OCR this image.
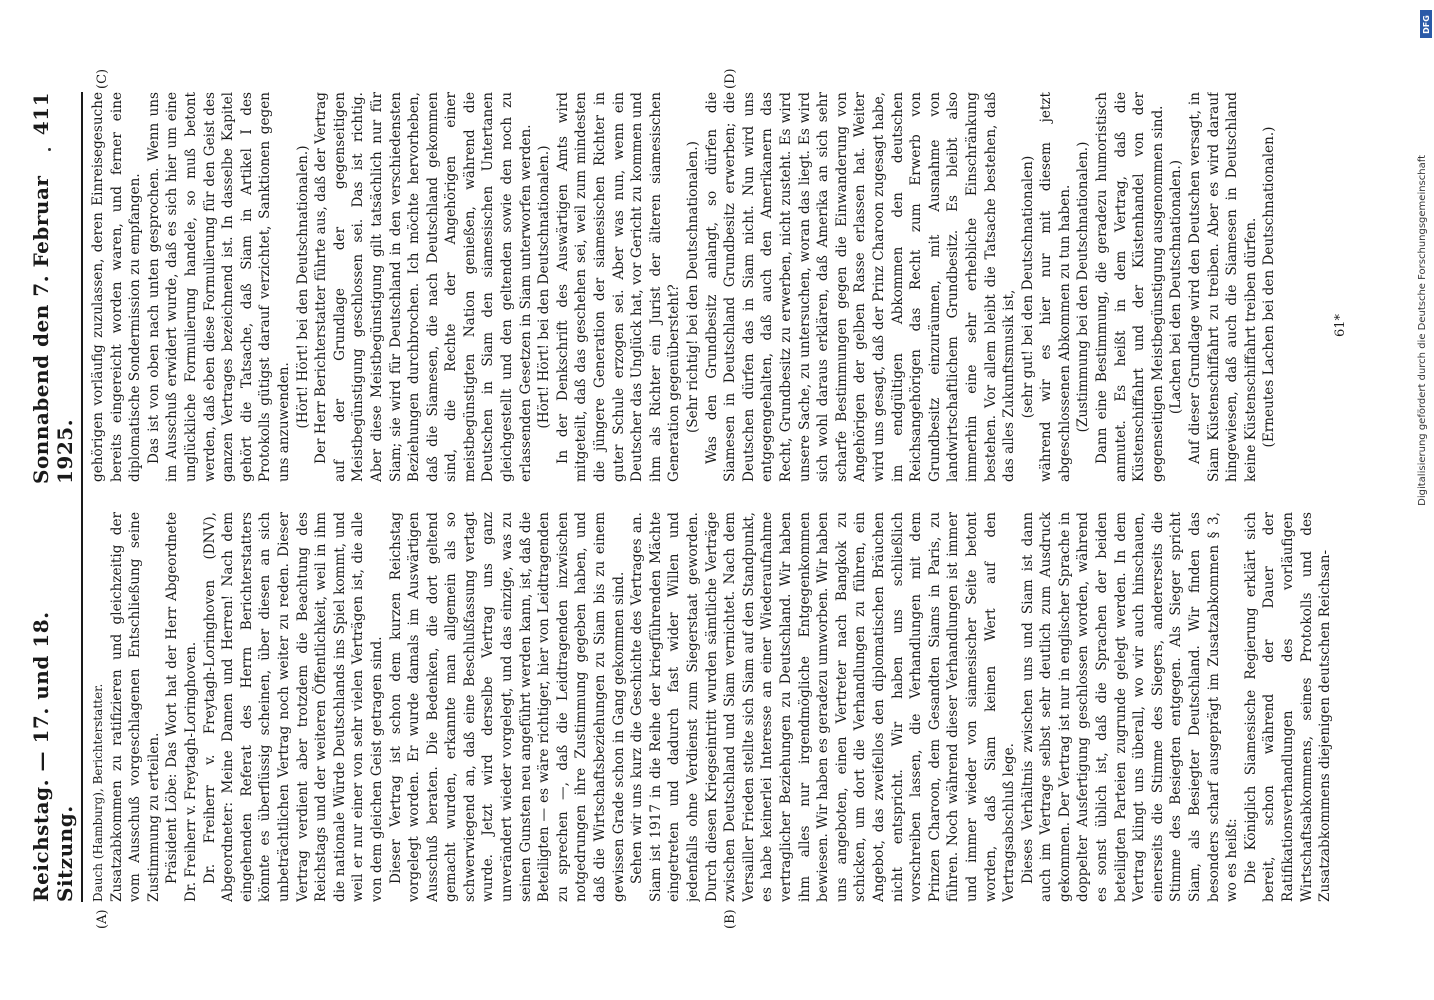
Reichstag. — 17. und 18. Sitzung.
Sonnabend den 7. Februar 1925.
411
(A)	(B)
(C)	(D)

Dauch (Hamburg), Berichterstatter. Zusatzabkommen zu ratifizieren und gleichzeitig der vom Ausschuß vorgeschlagenen Entschließung seine Zustimmung zu erteilen. Präsident Löbe: Das Wort hat der Herr Abgeordnete Dr. Freiherr v. Freytagh-Loringhoven. Dr. Freiherr v. Freytagh-Loringhoven (DNV), Abgeordneter: Meine Damen und Herren! Nach dem eingehenden Referat des Herrn Berichterstatters könnte es überflüssig scheinen, über diesen an sich unbeträchtlichen Vertrag noch weiter zu reden. Dieser Vertrag verdient aber trotzdem die Beachtung des Reichstags und der weiteren Öffentlichkeit, weil in ihm die nationale Würde Deutschlands ins Spiel kommt, und weil er nur einer von sehr vielen Verträgen ist, die alle von dem gleichen Geist getragen sind. Dieser Vertrag ist schon dem kurzen Reichstag vorgelegt worden. Er wurde damals im Auswärtigen Ausschuß beraten. Die Bedenken, die dort geltend gemacht wurden, erkannte man allgemein als so schwerwiegend an, daß eine Beschlußfassung vertagt wurde. Jetzt wird derselbe Vertrag uns ganz unverändert wieder vorgelegt, und das einzige, was zu seinen Gunsten neu angeführt werden kann, ist, daß die Beteiligten — es wäre richtiger, hier von Leidtragenden zu sprechen —, daß die Leidtragenden inzwischen notgedrungen ihre Zustimmung gegeben haben, und daß die Wirtschaftsbeziehungen zu Siam bis zu einem gewissen Grade schon in Gang gekommen sind. Sehen wir uns kurz die Geschichte des Vertrages an. Siam ist 1917 in die Reihe der kriegführenden Mächte eingetreten und dadurch fast wider Willen und jedenfalls ohne Verdienst zum Siegerstaat geworden. Durch diesen Kriegseintritt wurden sämtliche Verträge zwischen Deutschland und Siam vernichtet. Nach dem Versailler Frieden stellte sich Siam auf den Standpunkt, es habe keinerlei Interesse an einer Wiederaufnahme vertraglicher Beziehungen zu Deutschland. Wir haben ihm alles nur irgendmögliche Entgegenkommen bewiesen. Wir haben es geradezu umworben. Wir haben uns angeboten, einen Vertreter nach Bangkok zu schicken, um dort die Verhandlungen zu führen, ein Angebot, das zweifellos den diplomatischen Bräuchen nicht entspricht. Wir haben uns schließlich vorschreiben lassen, die Verhandlungen mit dem Prinzen Charoon, dem Gesandten Siams in Paris, zu führen. Noch während dieser Verhandlungen ist immer und immer wieder von siamesischer Seite betont worden, daß Siam keinen Wert auf den Vertragsabschluß lege. Dieses Verhältnis zwischen uns und Siam ist dann auch im Vertrage selbst sehr deutlich zum Ausdruck gekommen. Der Vertrag ist nur in englischer Sprache in doppelter Ausfertigung geschlossen worden, während es sonst üblich ist, daß die Sprachen der beiden beteiligten Parteien zugrunde gelegt werden. In dem Vertrag klingt uns überall, wo wir auch hinschauen, einerseits die Stimme des Siegers, andererseits die Stimme des Besiegten entgegen. Als Sieger spricht Siam, als Besiegter Deutschland. Wir finden das besonders scharf ausgeprägt im Zusatzabkommen § 3, wo es heißt: Die Königlich Siamesische Regierung erklärt sich bereit, schon während der Dauer der Ratifikationsverhandlungen des vorläufigen Wirtschaftsabkommens, seines Protokolls und des Zusatzabkommens diejenigen deutschen Reichsan-

gehörigen vorläufig zuzulassen, deren Einreisegesuche bereits eingereicht worden waren, und ferner eine diplomatische Sondermission zu empfangen. Das ist von oben nach unten gesprochen. Wenn uns im Ausschuß erwidert wurde, daß es sich hier um eine unglückliche Formulierung handele, so muß betont werden, daß eben diese Formulierung für den Geist des ganzen Vertrages bezeichnend ist. In dasselbe Kapitel gehört die Tatsache, daß Siam in Artikel I des Protokolls gütigst darauf verzichtet, Sanktionen gegen uns anzuwenden. (Hört! Hört! bei den Deutschnationalen.) Der Herr Berichterstatter führte aus, daß der Vertrag auf der Grundlage der gegenseitigen Meistbegünstigung geschlossen sei. Das ist richtig. Aber diese Meistbegünstigung gilt tatsächlich nur für Siam; sie wird für Deutschland in den verschiedensten Beziehungen durchbrochen. Ich möchte hervorheben, daß die Siamesen, die nach Deutschland gekommen sind, die Rechte der Angehörigen einer meistbegünstigten Nation genießen, während die Deutschen in Siam den siamesischen Untertanen gleichgestellt und den geltenden sowie den noch zu erlassenden Gesetzen in Siam unterworfen werden. (Hört! Hört! bei den Deutschnationalen.) In der Denkschrift des Auswärtigen Amts wird mitgeteilt, daß das geschehen sei, weil zum mindesten die jüngere Generation der siamesischen Richter in guter Schule erzogen sei. Aber was nun, wenn ein Deutscher das Unglück hat, vor Gericht zu kommen und ihm als Richter ein Jurist der älteren siamesischen Generation gegenübersteht? (Sehr richtig! bei den Deutschnationalen.) Was den Grundbesitz anlangt, so dürfen die Siamesen in Deutschland Grundbesitz erwerben; die Deutschen dürfen das in Siam nicht. Nun wird uns entgegengehalten, daß auch den Amerikanern das Recht, Grundbesitz zu erwerben, nicht zusteht. Es wird unsere Sache, zu untersuchen, woran das liegt. Es wird sich wohl daraus erklären, daß Amerika an sich sehr scharfe Bestimmungen gegen die Einwanderung von Angehörigen der gelben Rasse erlassen hat. Weiter wird uns gesagt, daß der Prinz Charoon zugesagt habe, im endgültigen Abkommen den deutschen Reichsangehörigen das Recht zum Erwerb von Grundbesitz einzuräumen, mit Ausnahme von landwirtschaftlichem Grundbesitz. Es bleibt also immerhin eine sehr erhebliche Einschränkung bestehen. Vor allem bleibt die Tatsache bestehen, daß das alles Zukunftsmusik ist, (sehr gut! bei den Deutschnationalen) während wir es hier nur mit diesem jetzt abgeschlossenen Abkommen zu tun haben. (Zustimmung bei den Deutschnationalen.) Dann eine Bestimmung, die geradezu humoristisch anmutet. Es heißt in dem Vertrag, daß die Küstenschiffahrt und der Küstenhandel von der gegenseitigen Meistbegünstigung ausgenommen sind. (Lachen bei den Deutschnationalen.) Auf dieser Grundlage wird den Deutschen versagt, in Siam Küstenschiffahrt zu treiben. Aber es wird darauf hingewiesen, daß auch die Siamesen in Deutschland keine Küstenschiffahrt treiben dürfen. (Erneutes Lachen bei den Deutschnationalen.)	61*
DFG
Digitalisierung gefördert durch die Deutsche Forschungsgemeinschaft
